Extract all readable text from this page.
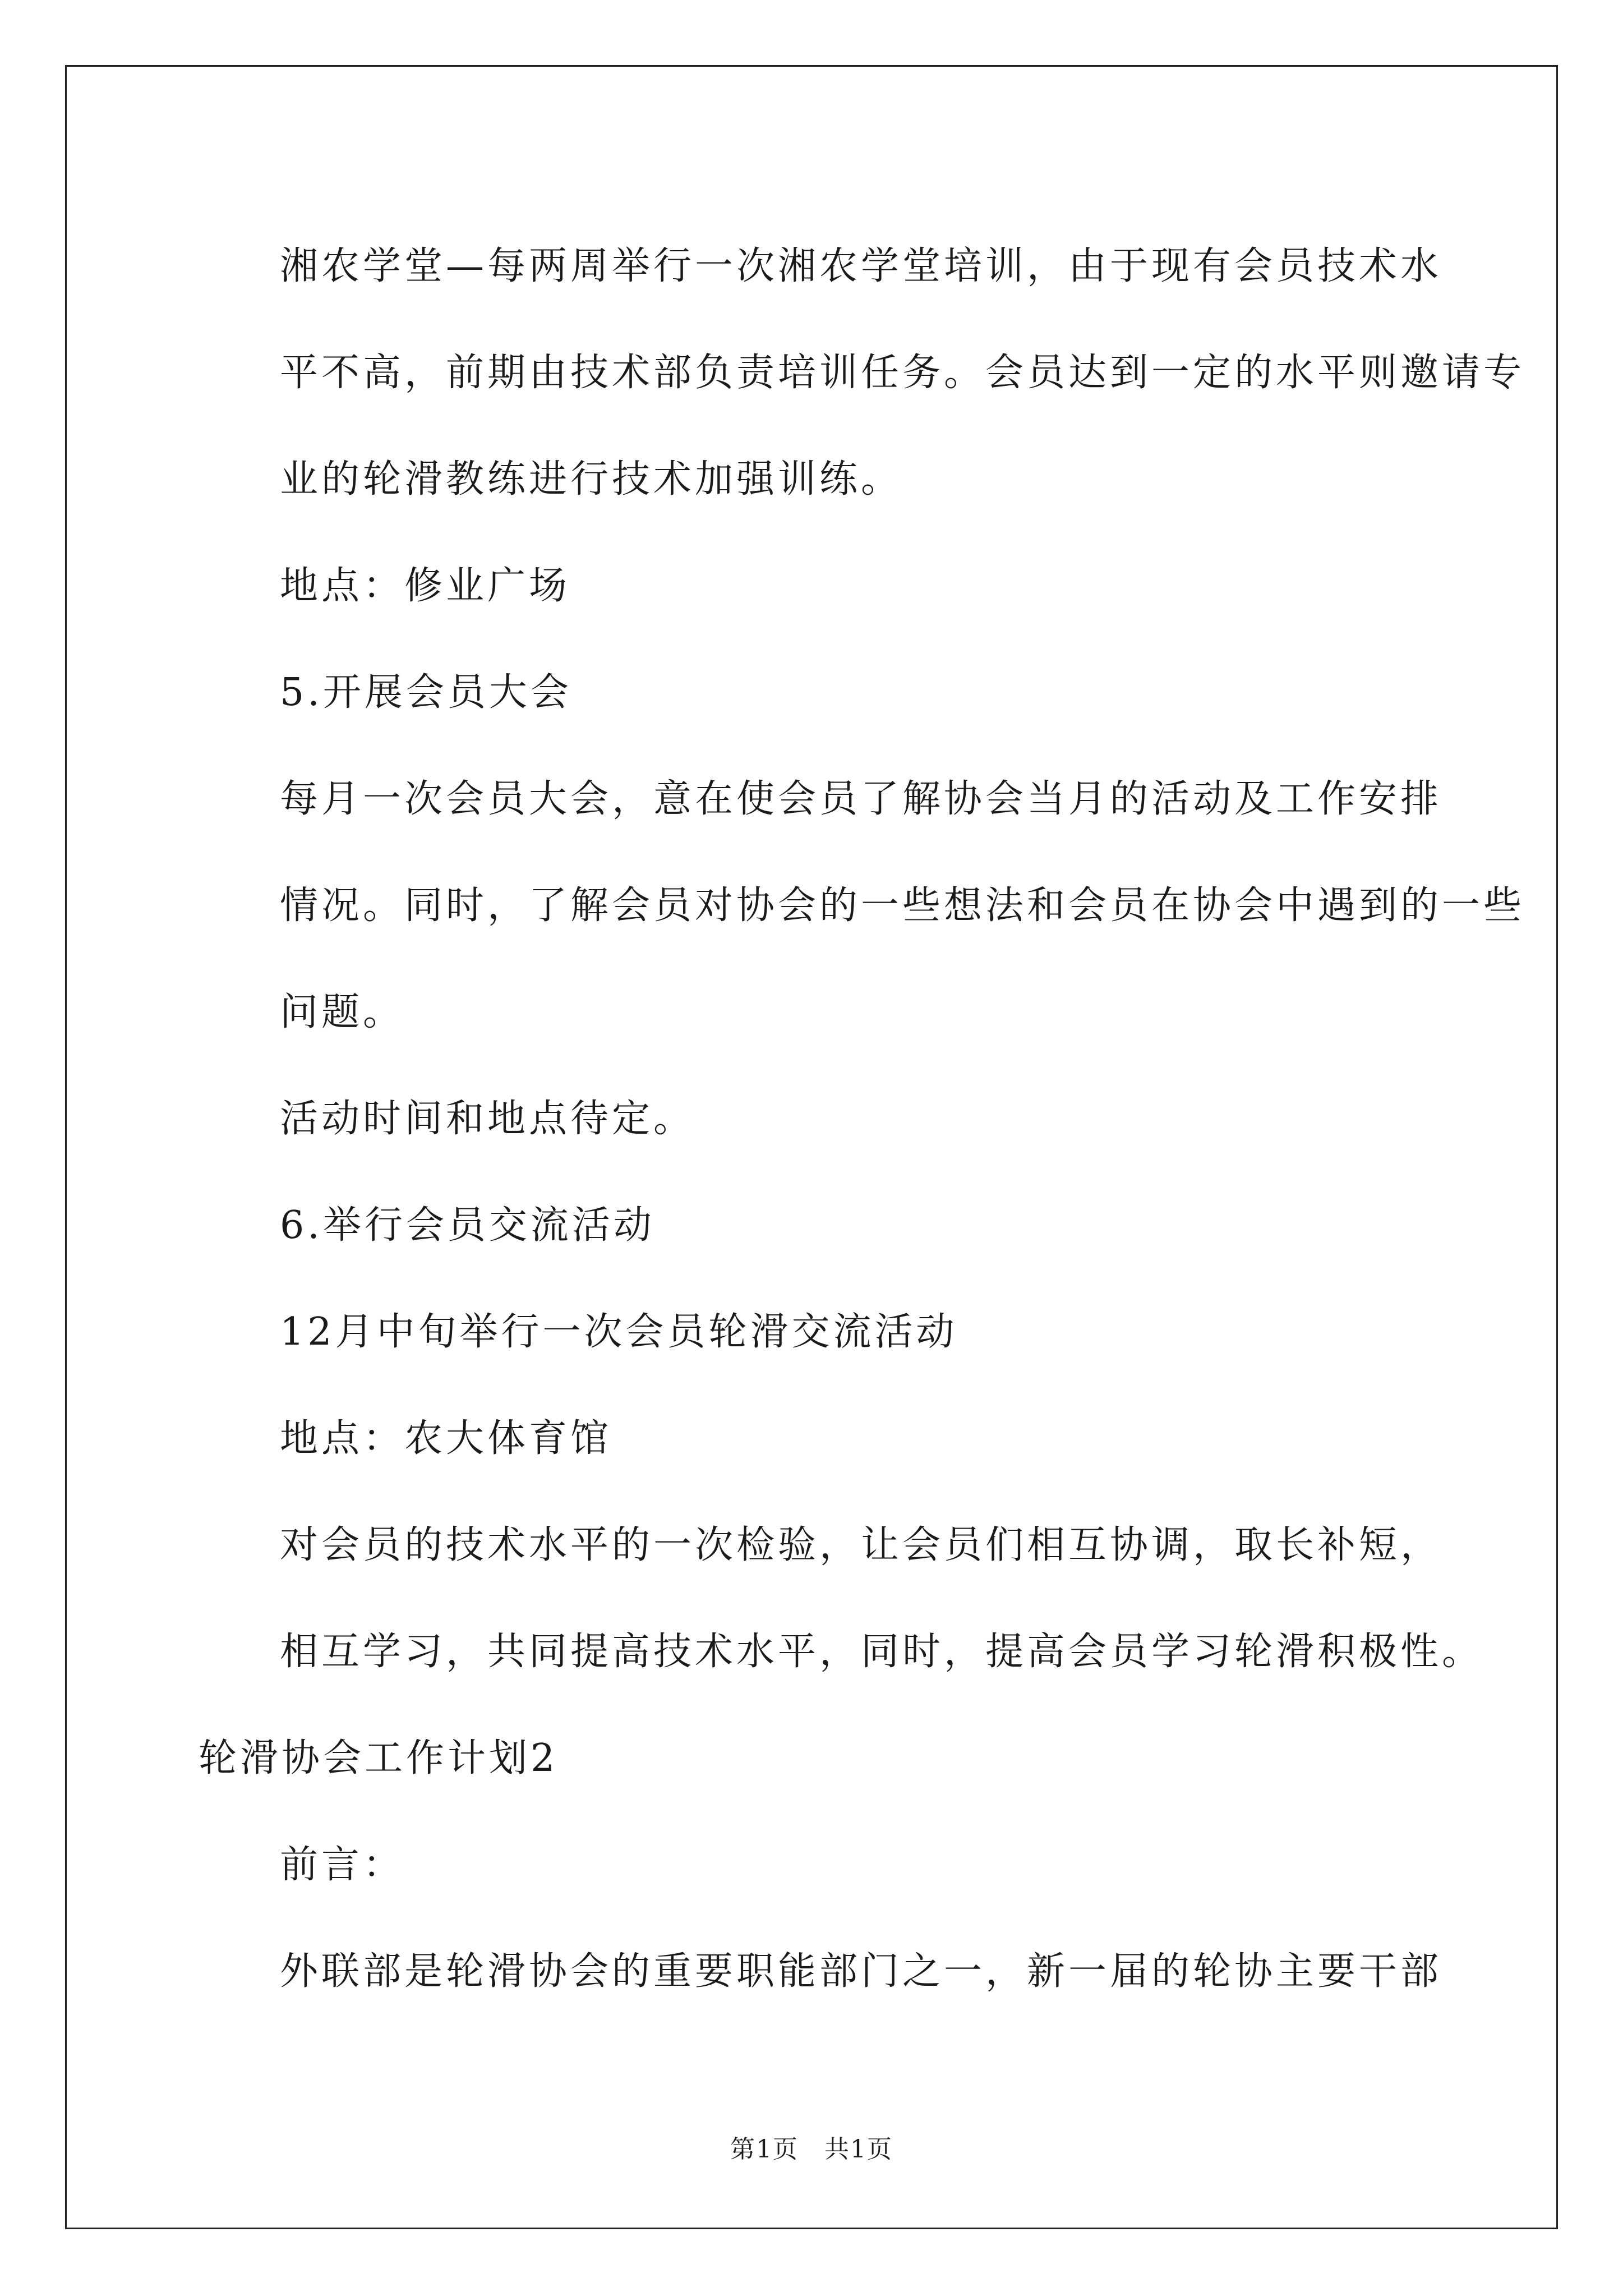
湘农学堂—每两周举行一次湘农学堂培训，由于现有会员技术水
平不高，前期由技术部负责培训任务。会员达到一定的水平则邀请专
业的轮滑教练进行技术加强训练。

地点：修业广场

5.开展会员大会

每月一次会员大会，意在使会员了解协会当月的活动及工作安排
情况。同时，了解会员对协会的一些想法和会员在协会中遇到的一些
问题。

活动时间和地点待定。

6.举行会员交流活动

12月中旬举行一次会员轮滑交流活动

地点：农大体育馆

对会员的技术水平的一次检验，让会员们相互协调，取长补短，
相互学习，共同提高技术水平，同时，提高会员学习轮滑积极性。

轮滑协会工作计划2

前言：

外联部是轮滑协会的重要职能部门之一，新一届的轮协主要干部

第1页　共1页
